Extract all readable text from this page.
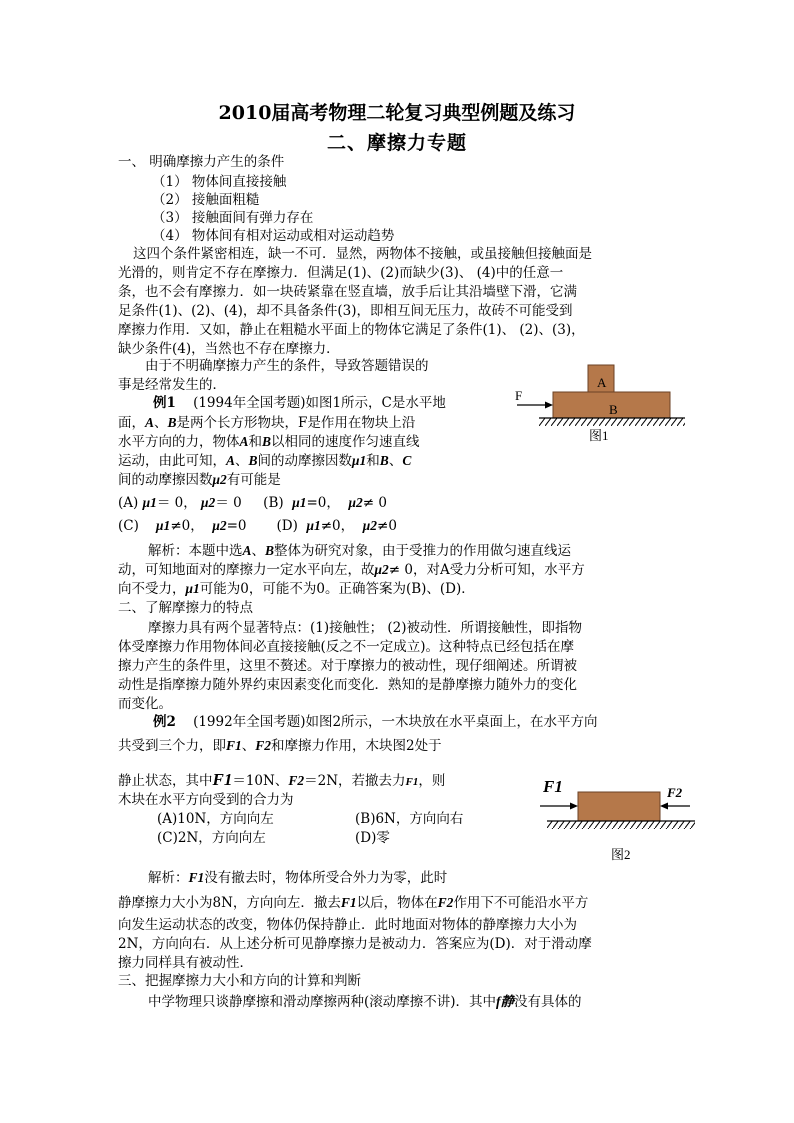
2010届高考物理二轮复习典型例题及练习
二、摩擦力专题
一、 明确摩擦力产生的条件
（1） 物体间直接接触
（2） 接触面粗糙
（3） 接触面间有弹力存在
（4） 物体间有相对运动或相对运动趋势
这四个条件紧密相连，缺一不可．显然，两物体不接触，或虽接触但接触面是
光滑的，则肯定不存在摩擦力．但满足(1)、(2)而缺少(3)、 (4)中的任意一
条，也不会有摩擦力．如一块砖紧靠在竖直墙，放手后让其沿墙壁下滑，它满
足条件(1)、(2)、(4)，却不具备条件(3)，即相互间无压力，故砖不可能受到
摩擦力作用．又如，静止在粗糙水平面上的物体它满足了条件(1)、 (2)、(3)，
缺少条件(4)，当然也不存在摩擦力．
由于不明确摩擦力产生的条件，导致答题错误的
事是经常发生的．
例1 (1994年全国考题)如图1所示，C是水平地
面，A、B是两个长方形物块，F是作用在物块上沿
水平方向的力，物体A和B以相同的速度作匀速直线
运动，由此可知，A、B间的动摩擦因数μ1和B、C
间的动摩擦因数μ2有可能是
(A) μ1＝ 0， μ2＝ 0 (B) μ1=0， μ2≠ 0
(C) μ1≠0， μ2=0 (D) μ1≠0， μ2≠0
解析：本题中选A、B整体为研究对象，由于受推力的作用做匀速直线运
动，可知地面对的摩擦力一定水平向左，故μ2≠ 0，对A受力分析可知，水平方
向不受力，μ1可能为0，可能不为0。正确答案为(B)、(D)．
F
A
B
图1
二、了解摩擦力的特点
摩擦力具有两个显著特点：(1)接触性； (2)被动性．所谓接触性，即指物
体受摩擦力作用物体间必直接接触(反之不一定成立)。这种特点已经包括在摩
擦力产生的条件里，这里不赘述。对于摩擦力的被动性，现仔细阐述。所谓被
动性是指摩擦力随外界约束因素变化而变化．熟知的是静摩擦力随外力的变化
而变化。
例2 (1992年全国考题)如图2所示，一木块放在水平桌面上，在水平方向
共受到三个力，即F1、F2和摩擦力作用，木块图2处于
静止状态，其中F1＝10N、F2＝2N，若撤去力F1，则
木块在水平方向受到的合力为
(A)10N，方向向左	(B)6N，方向向右
(C)2N，方向向左	(D)零
解析：F1没有撤去时，物体所受合外力为零，此时
静摩擦力大小为8N，方向向左．撤去F1以后，物体在F2作用下不可能沿水平方
向发生运动状态的改变，物体仍保持静止．此时地面对物体的静摩擦力大小为
2N，方向向右．从上述分析可见静摩擦力是被动力．答案应为(D)．对于滑动摩
擦力同样具有被动性．
F1	F2
图2
三、把握摩擦力大小和方向的计算和判断
中学物理只谈静摩擦和滑动摩擦两种(滚动摩擦不讲)．其中f静没有具体的
